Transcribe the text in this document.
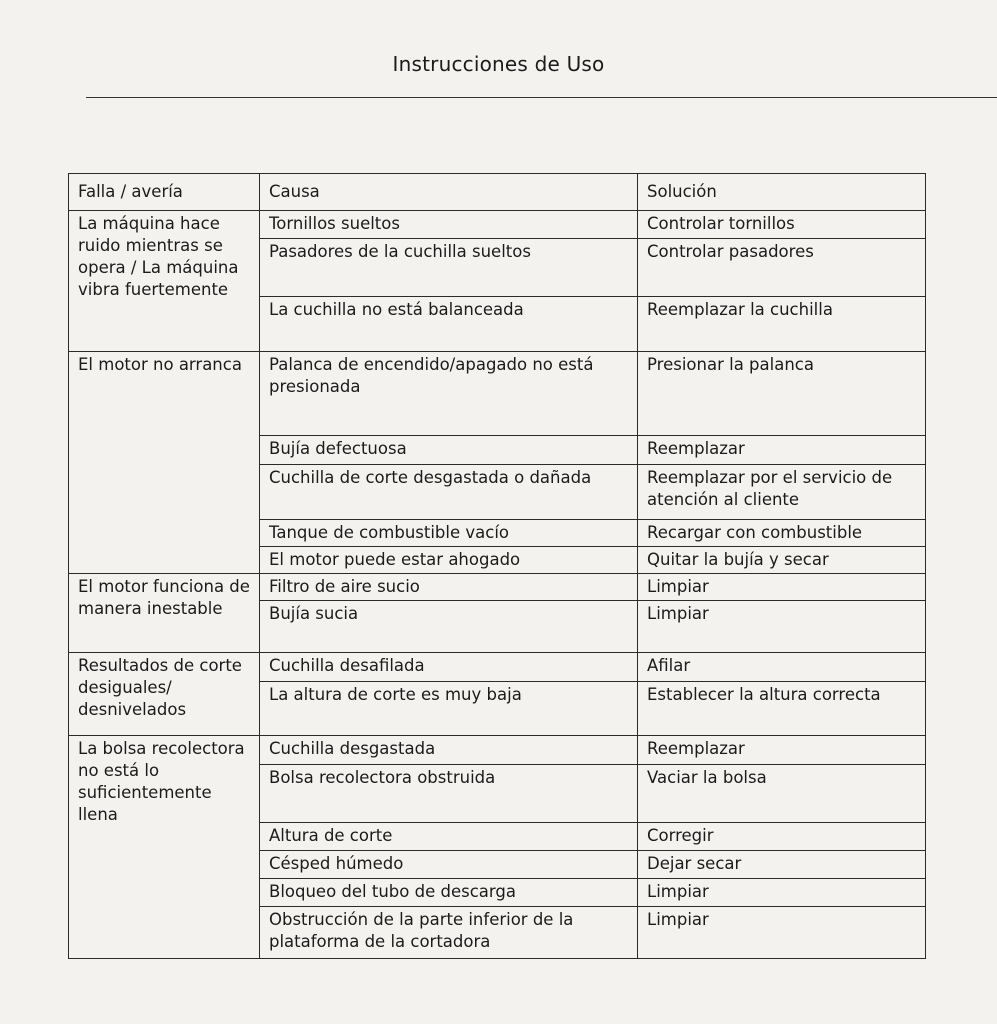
Instrucciones de Uso
Falla / avería	Causa	Solución
La máquina hace ruido mientras se opera / La máquina vibra fuertemente	Tornillos sueltos	Controlar tornillos
	Pasadores de la cuchilla sueltos	Controlar pasadores
	La cuchilla no está balanceada	Reemplazar la cuchilla
El motor no arranca	Palanca de encendido/apagado no está presionada	Presionar la palanca
	Bujía defectuosa	Reemplazar
	Cuchilla de corte desgastada o dañada	Reemplazar por el servicio de atención al cliente
	Tanque de combustible vacío	Recargar con combustible
	El motor puede estar ahogado	Quitar la bujía y secar
El motor funciona de manera inestable	Filtro de aire sucio	Limpiar
	Bujía sucia	Limpiar
Resultados de corte desiguales/ desnivelados	Cuchilla desafilada	Afilar
	La altura de corte es muy baja	Establecer la altura correcta
La bolsa recolectora no está lo suficientemente llena	Cuchilla desgastada	Reemplazar
	Bolsa recolectora obstruida	Vaciar la bolsa
	Altura de corte	Corregir
	Césped húmedo	Dejar secar
	Bloqueo del tubo de descarga	Limpiar
	Obstrucción de la parte inferior de la plataforma de la cortadora	Limpiar
